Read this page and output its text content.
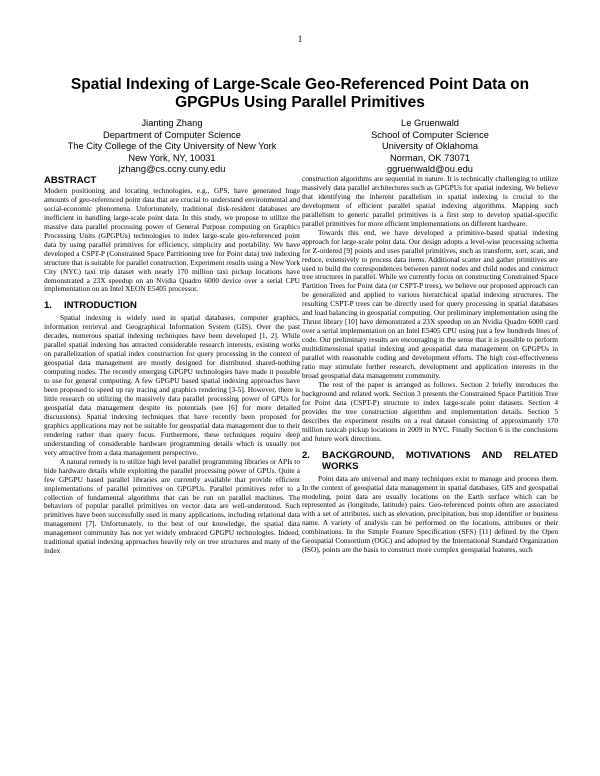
1
Spatial Indexing of Large-Scale Geo-Referenced Point Data on GPGPUs Using Parallel Primitives
Jianting Zhang
Department of Computer Science
The City College of the City University of New York
New York, NY, 10031
jzhang@cs.ccny.cuny.edu
Le Gruenwald
School of Computer Science
University of Oklahoma
Norman, OK 73071
ggruenwald@ou.edu
ABSTRACT

Modern positioning and locating technologies, e.g., GPS, have generated huge amounts of geo-referenced point data that are crucial to understand environmental and social-economic phenomena. Unfortunately, traditional disk-resident databases are inefficient in handling large-scale point data. In this study, we propose to utilize the massive data parallel processing power of General Purpose computing on Graphics Processing Units (GPGPUs) technologies to index large-scale geo-referenced point data by using parallel primitives for efficiency, simplicity and portability. We have developed a CSPT-P (Constrained Space Partitioning tree for Point data) tree indexing structure that is suitable for parallel construction. Experiment results using a New York City (NYC) taxi trip dataset with nearly 170 million taxi pickup locations have demonstrated a 23X speedup on an Nvidia Quadro 6000 device over a serial CPU implementation on an Intel XEON E5405 processor.

1.	INTRODUCTION

Spatial indexing is widely used in spatial databases, computer graphics, information retrieval and Geographical Information System (GIS). Over the past decades, numerous spatial indexing techniques have been developed [1, 2]. While parallel spatial indexing has attracted considerable research interests, existing works on parallelization of spatial index construction for query processing in the context of geospatial data management are mostly designed for distributed shared-nothing computing nodes. The recently emerging GPGPU technologies have made it possible to use for general computing. A few GPGPU based spatial indexing approaches have been proposed to speed up ray tracing and graphics rendering [3-5]. However, there is little research on utilizing the massively data parallel processing power of GPUs for geospatial data management despite its potentials (see [6] for more detailed discussions). Spatial indexing techniques that have recently been proposed for graphics applications may not be suitable for geospatial data management due to their rendering rather than query focus. Furthermore, these techniques require deep understanding of considerable hardware programming details which is usually not very attractive from a data management perspective.

A natural remedy is to utilize high level parallel programming libraries or APIs to hide hardware details while exploiting the parallel processing power of GPUs. Quite a few GPGPU based parallel libraries are currently available that provide efficient implementations of parallel primitives on GPGPUs. Parallel primitives refer to a collection of fundamental algorithms that can be run on parallel machines. The behaviors of popular parallel primitives on vector data are well-understood. Such primitives have been successfully used in many applications, including relational data management [7]. Unfortunately, to the best of our knowledge, the spatial data management community has not yet widely embraced GPGPU technologies. Indeed, traditional spatial indexing approaches heavily rely on tree structures and many of the index

construction algorithms are sequential in nature. It is technically challenging to utilize massively data parallel architectures such as GPGPUs for spatial indexing. We believe that identifying the inherent parallelism in spatial indexing is crucial to the development of efficient parallel spatial indexing algorithms. Mapping such parallelism to generic parallel primitives is a first step to develop spatial-specific parallel primitives for more efficient implementations on different hardware.

Towards this end, we have developed a primitive-based spatial indexing approach for large-scale point data. Our design adopts a level-wise processing schema for Z-ordered [9] points and uses parallel primitives, such as transform, sort, scan, and reduce, extensively to process data items. Additional scatter and gather primitives are used to build the correspondences between parent nodes and child nodes and construct tree structures in parallel. While we currently focus on constructing Constrained Space Partition Trees for Point data (or CSPT-P trees), we believe our proposed approach can be generalized and applied to various hierarchical spatial indexing structures. The resulting CSPT-P trees can be directly used for query processing in spatial databases and load balancing in geospatial computing. Our preliminary implementation using the Thrust library [10] have demonstrated a 23X speedup on an Nvidia Quadro 6000 card over a serial implementation on an Intel E5405 CPU using just a few hundreds lines of code. Our preliminary results are encouraging in the sense that it is possible to perform multidimensional spatial indexing and geospatial data management on GPGPUs in parallel with reasonable coding and development efforts. The high cost-effectiveness ratio may stimulate further research, development and application interests in the broad geospatial data management community.

The rest of the paper is arranged as follows. Section 2 briefly introduces the background and related work. Section 3 presents the Constrained Space Partition Tree for Point data (CSPT-P) structure to index large-scale point datasets. Section 4 provides the tree construction algorithm and implementation details. Section 5 describes the experiment results on a real dataset consisting of approximately 170 million taxicab pickup locations in 2009 in NYC. Finally Section 6 is the conclusions and future work directions.

2.	BACKGROUND, MOTIVATIONS AND RELATED WORKS

Point data are universal and many techniques exist to manage and process them. In the context of geospatial data management in spatial databases, GIS and geospatial modeling, point data are usually locations on the Earth surface which can be represented as (longitude, latitude) pairs. Geo-referenced points often are associated with a set of attributes, such as elevation, precipitation, bus stop identifier or business name. A variety of analysis can be performed on the locations, attributes or their combinations. In the Simple Feature Specification (SFS) [11] defined by the Open Geospatial Consortium (OGC) and adopted by the International Standard Organization (ISO), points are the basis to construct more complex geospatial features, such
